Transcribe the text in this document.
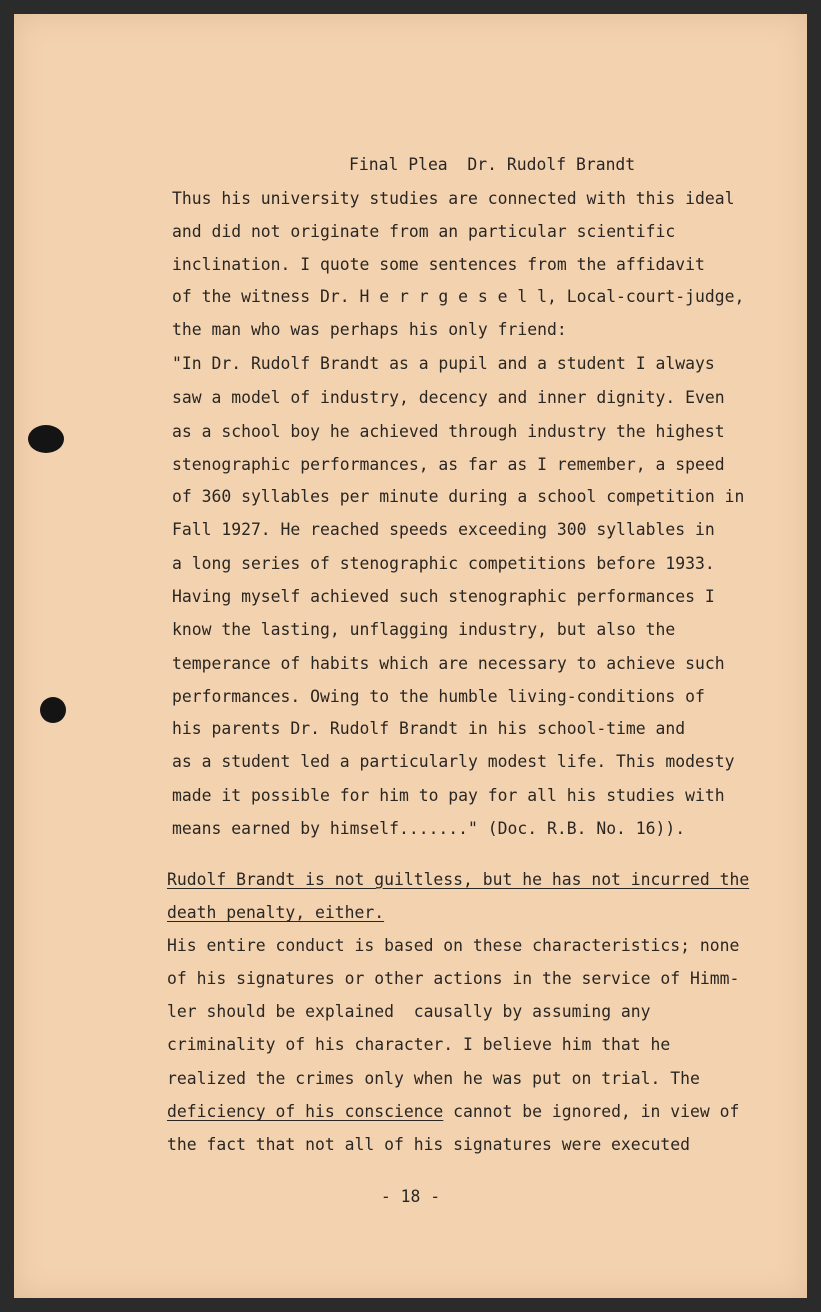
Final Plea  Dr. Rudolf Brandt

Thus his university studies are connected with this ideal

and did not originate from an particular scientific

inclination. I quote some sentences from the affidavit

of the witness Dr. H e r r g e s e l l, Local-court-judge,

the man who was perhaps his only friend:

"In Dr. Rudolf Brandt as a pupil and a student I always

saw a model of industry, decency and inner dignity. Even

as a school boy he achieved through industry the highest

stenographic performances, as far as I remember, a speed

of 360 syllables per minute during a school competition in

Fall 1927. He reached speeds exceeding 300 syllables in

a long series of stenographic competitions before 1933.

Having myself achieved such stenographic performances I

know the lasting, unflagging industry, but also the

temperance of habits which are necessary to achieve such

performances. Owing to the humble living-conditions of

his parents Dr. Rudolf Brandt in his school-time and

as a student led a particularly modest life. This modesty

made it possible for him to pay for all his studies with

means earned by himself......." (Doc. R.B. No. 16)).

Rudolf Brandt is not guiltless, but he has not incurred the

death penalty, either.

His entire conduct is based on these characteristics; none

of his signatures or other actions in the service of Himm-

ler should be explained  causally by assuming any

criminality of his character. I believe him that he

realized the crimes only when he was put on trial. The

deficiency of his conscience cannot be ignored, in view of

the fact that not all of his signatures were executed

- 18 -
